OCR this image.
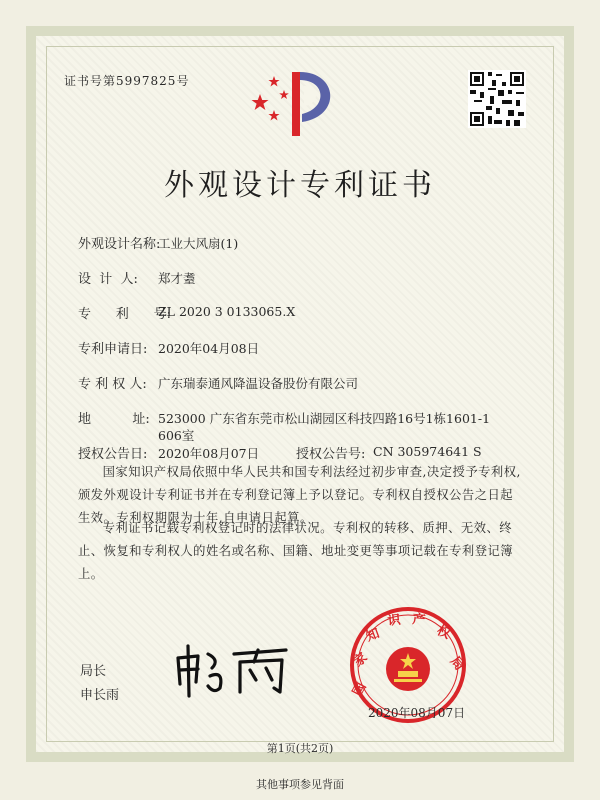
证书号第5997825号
外观设计专利证书
外观设计名称:
工业大风扇(1)
设  计  人: 郑才耋
专      利      号:
ZL 2020 3 0133065.X
专利申请日: 2020年04月08日
专 利 权 人: 广东瑞泰通风降温设备股份有限公司
地          址: 523000 广东省东莞市松山湖园区科技四路16号1栋1601-1
606室
授权公告日: 2020年08月07日	授权公告号: CN 305974641 S
国家知识产权局依照中华人民共和国专利法经过初步审查,决定授予专利权,颁发外观设计专利证书并在专利登记簿上予以登记。专利权自授权公告之日起生效。专利权期限为十年,自申请日起算。
专利证书记载专利权登记时的法律状况。专利权的转移、质押、无效、终止、恢复和专利权人的姓名或名称、国籍、地址变更等事项记载在专利登记簿上。
局长
申长雨	国
家
知
识 产
权
局
2020年08月07日
第1页(共2页)
其他事项参见背面
